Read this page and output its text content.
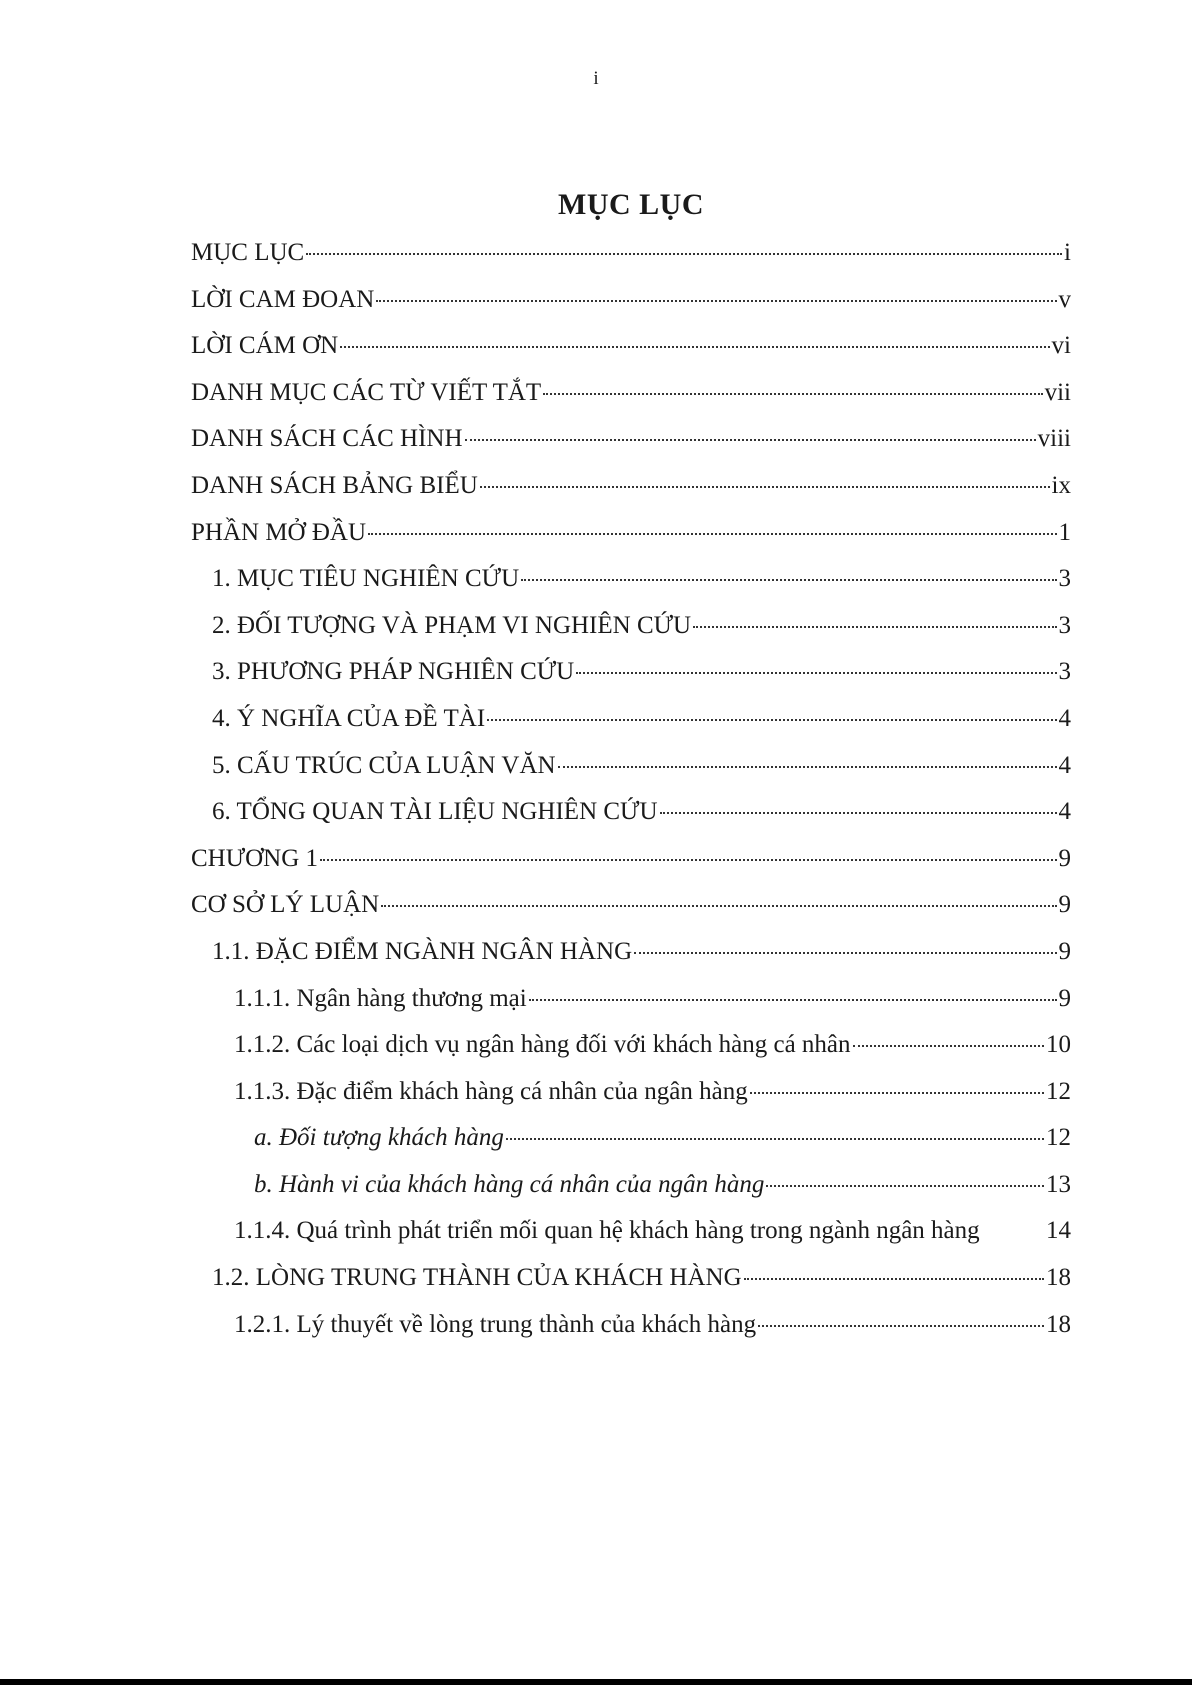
i
MỤC LỤC
MỤC LỤC	i
LỜI CAM ĐOAN	v
LỜI CÁM ƠN	vi
DANH MỤC CÁC TỪ VIẾT TẮT	vii
DANH SÁCH CÁC HÌNH	viii
DANH SÁCH BẢNG BIỂU	ix
PHẦN MỞ ĐẦU	1
1. MỤC TIÊU NGHIÊN CỨU	3
2. ĐỐI TƯỢNG VÀ PHẠM VI NGHIÊN CỨU	3
3. PHƯƠNG PHÁP NGHIÊN CỨU	3
4. Ý NGHĨA CỦA ĐỀ TÀI	4
5. CẤU TRÚC CỦA LUẬN VĂN	4
6. TỔNG QUAN TÀI LIỆU NGHIÊN CỨU	4
CHƯƠNG 1	9
CƠ SỞ LÝ LUẬN	9
1.1. ĐẶC ĐIỂM NGÀNH NGÂN HÀNG	9
1.1.1. Ngân hàng thương mại	9
1.1.2. Các loại dịch vụ ngân hàng đối với khách hàng cá nhân	10
1.1.3. Đặc điểm khách hàng cá nhân của ngân hàng	12
a. Đối tượng khách hàng	12
b. Hành vi của khách hàng cá nhân của ngân hàng	13
1.1.4. Quá trình phát triển mối quan hệ khách hàng trong ngành ngân hàng	14
1.2. LÒNG TRUNG THÀNH CỦA KHÁCH HÀNG	18
1.2.1. Lý thuyết về lòng trung thành của khách hàng	18
